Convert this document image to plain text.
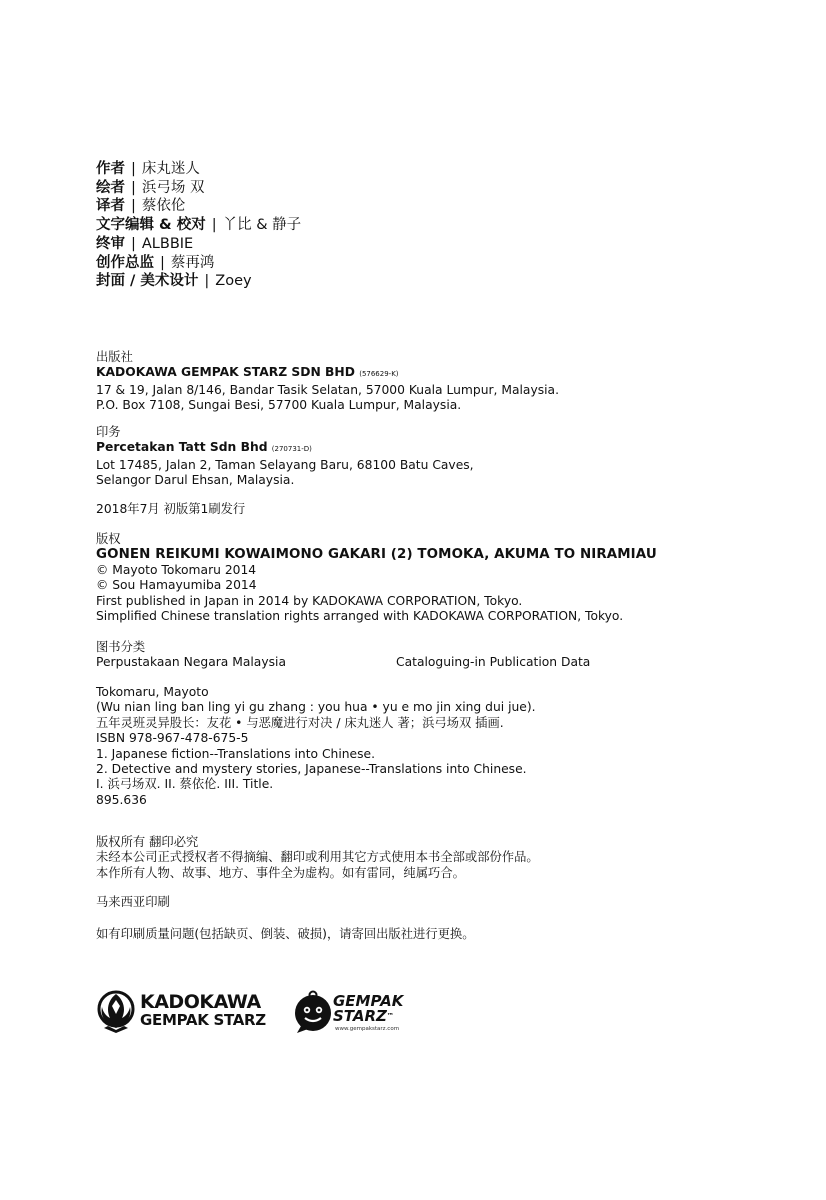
作者 | 床丸迷人
绘者 | 浜弓场 双
译者 | 蔡依伦
文字编辑 & 校对 | 丫比 & 静子
终审 | ALBBIE
创作总监 | 蔡再鸿
封面 / 美术设计 | Zoey
出版社
KADOKAWA GEMPAK STARZ SDN BHD (576629-K)
17 & 19, Jalan 8/146, Bandar Tasik Selatan, 57000 Kuala Lumpur, Malaysia.
P.O. Box 7108, Sungai Besi, 57700 Kuala Lumpur, Malaysia.
印务
Percetakan Tatt Sdn Bhd (270731-D)
Lot 17485, Jalan 2, Taman Selayang Baru, 68100 Batu Caves,
Selangor Darul Ehsan, Malaysia.
2018年7月 初版第1刷发行
版权
GONEN REIKUMI KOWAIMONO GAKARI (2) TOMOKA, AKUMA TO NIRAMIAU
© Mayoto Tokomaru 2014
© Sou Hamayumiba 2014
First published in Japan in 2014 by KADOKAWA CORPORATION, Tokyo.
Simplified Chinese translation rights arranged with KADOKAWA CORPORATION, Tokyo.
图书分类
Perpustakaan Negara Malaysia	Cataloguing-in Publication Data
Tokomaru, Mayoto
(Wu nian ling ban ling yi gu zhang : you hua • yu e mo jin xing dui jue).
五年灵班灵异股长：友花 • 与恶魔进行对决 / 床丸迷人 著；浜弓场双 插画.
ISBN 978-967-478-675-5
1. Japanese fiction--Translations into Chinese.
2. Detective and mystery stories, Japanese--Translations into Chinese.
I. 浜弓场双. II. 蔡依伦. III. Title.
895.636
版权所有 翻印必究
未经本公司正式授权者不得摘编、翻印或利用其它方式使用本书全部或部份作品。
本作所有人物、故事、地方、事件全为虚构。如有雷同，纯属巧合。
马来西亚印刷
如有印刷质量问题(包括缺页、倒装、破损)，请寄回出版社进行更换。
KADOKAWA
GEMPAK STARZ
GEMPAK
STARZ™
www.gempakstarz.com
